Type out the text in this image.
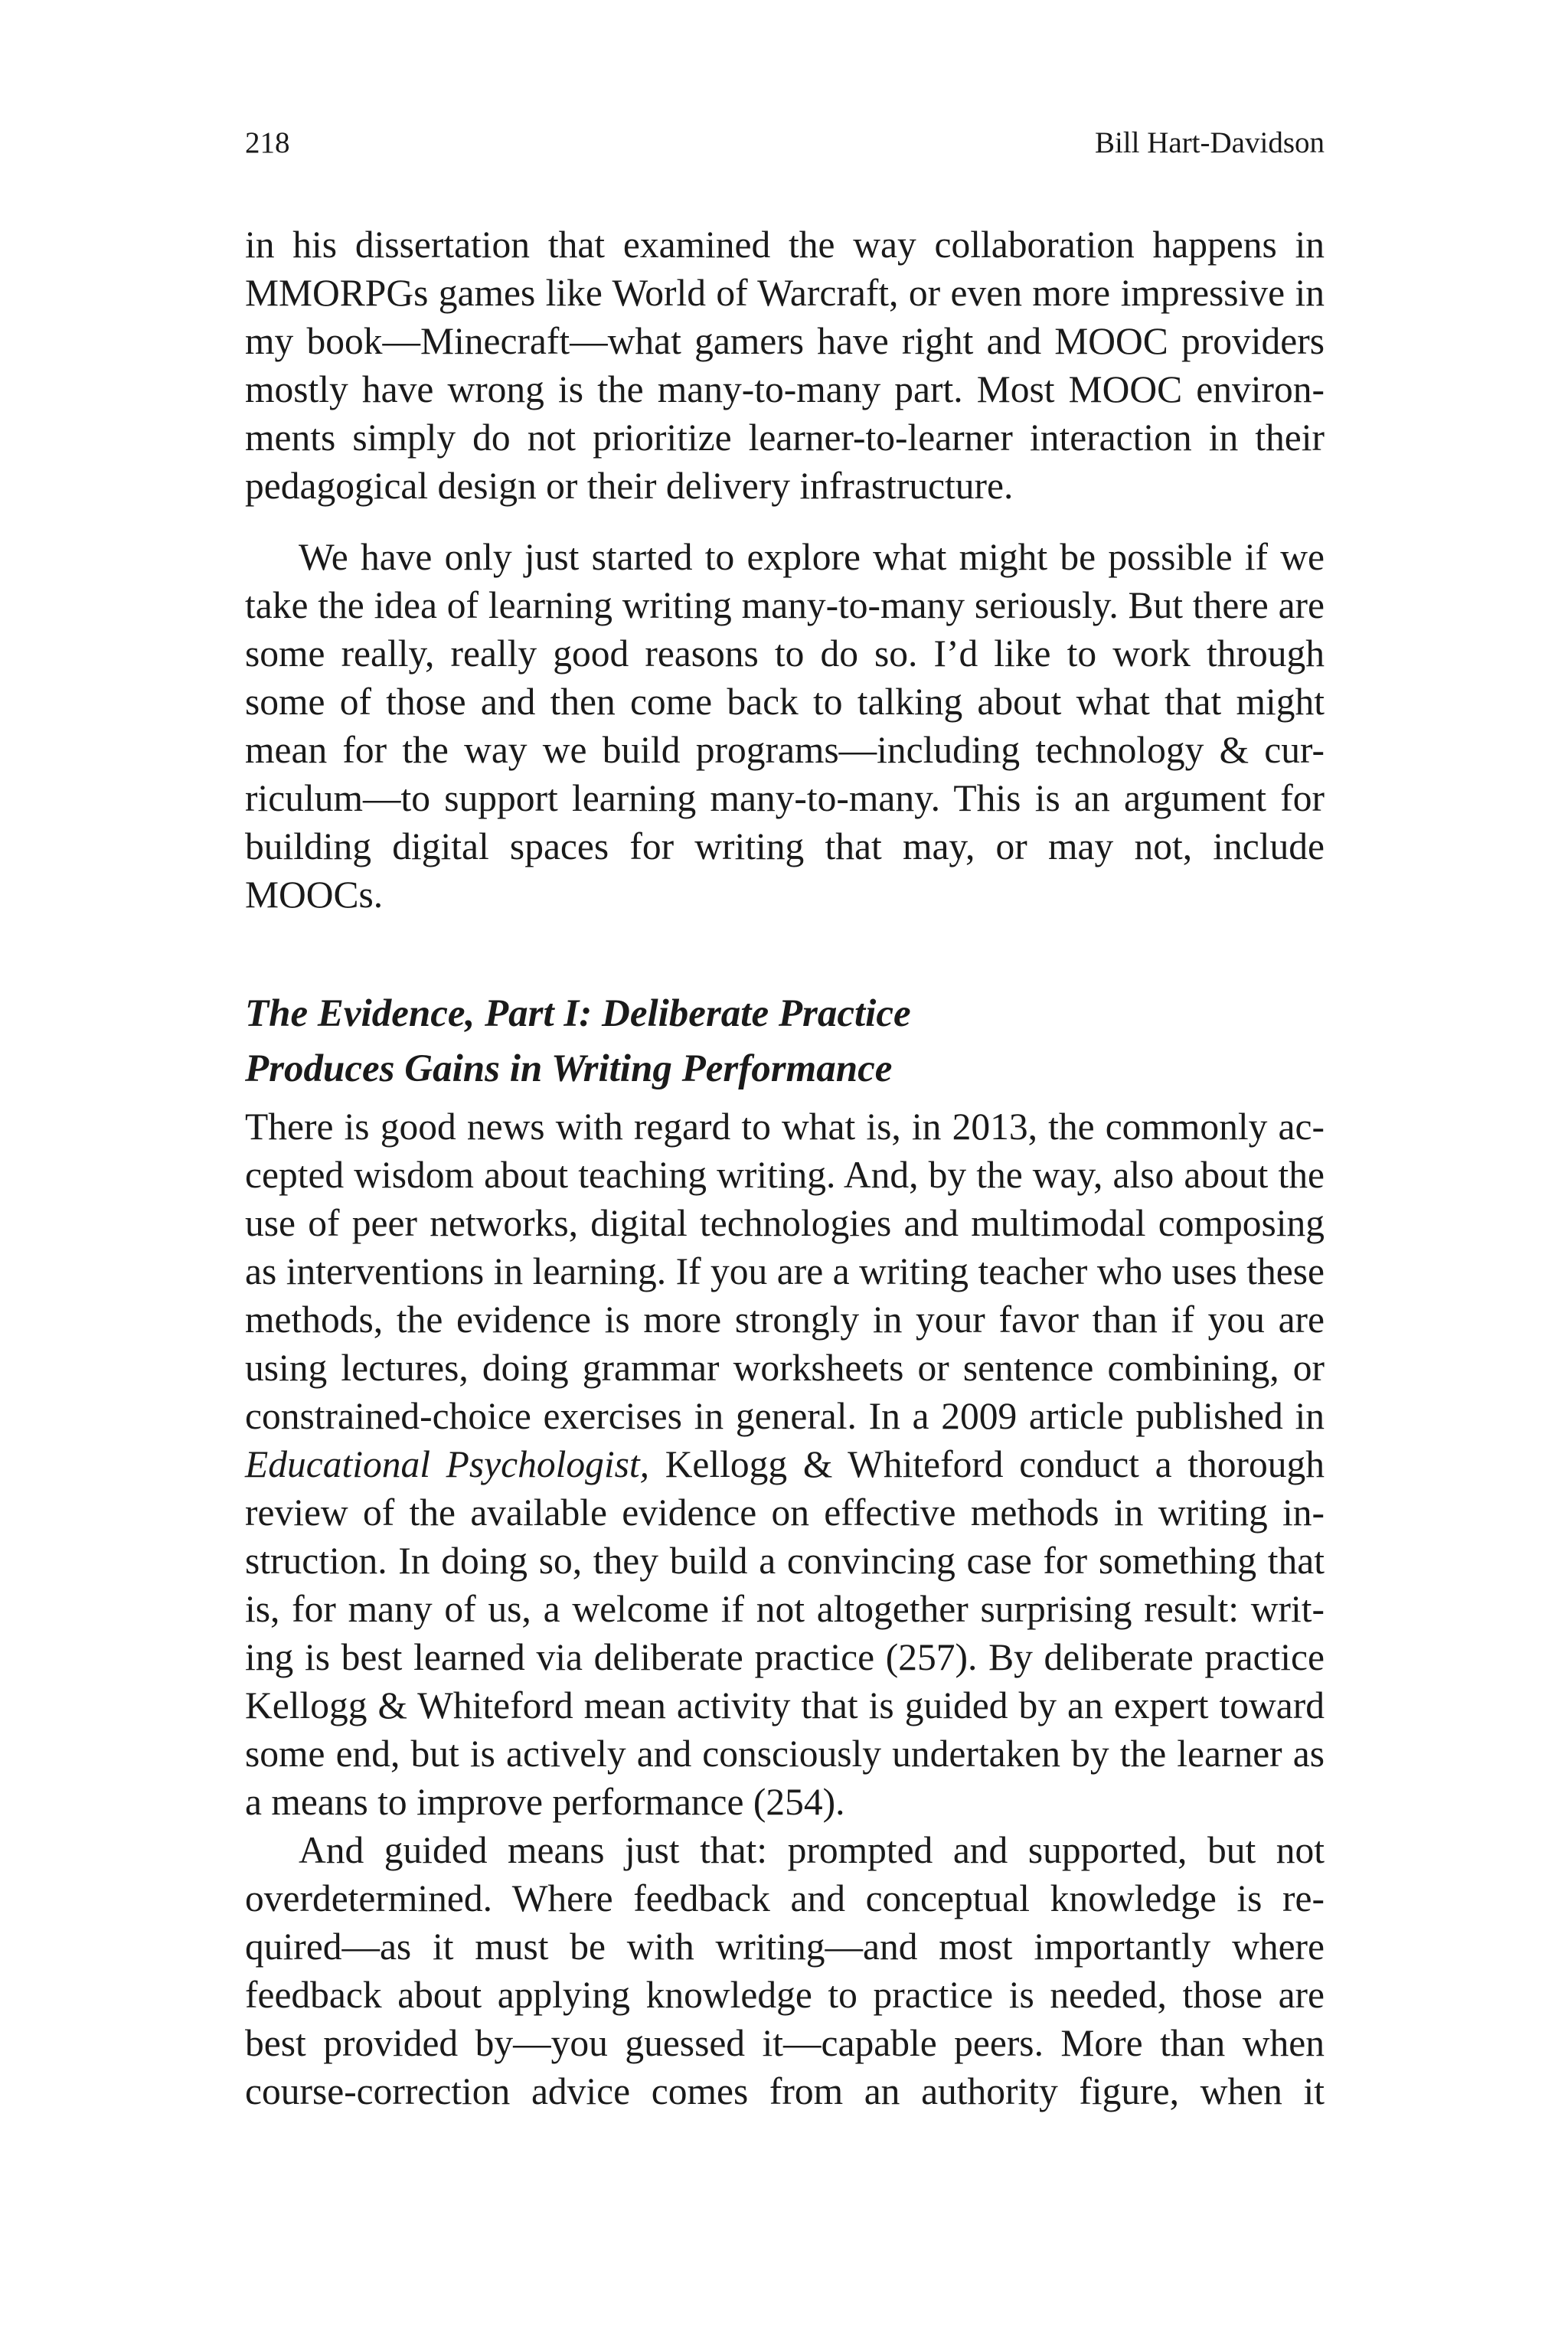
218	Bill Hart-Davidson

in his dissertation that examined the way collaboration happens in MMORPGs games like World of Warcraft, or even more impressive in my book—Minecraft—what gamers have right and MOOC providers mostly have wrong is the many-to-many part. Most MOOC environ-ments simply do not prioritize learner-to-learner interaction in their pedagogical design or their delivery infrastructure.

We have only just started to explore what might be possible if we take the idea of learning writing many-to-many seriously. But there are some really, really good reasons to do so. I’d like to work through some of those and then come back to talking about what that might mean for the way we build programs—including technology & cur-riculum—to support learning many-to-many. This is an argument for building digital spaces for writing that may, or may not, include MOOCs.

The Evidence, Part I: Deliberate Practice
Produces Gains in Writing Performance

There is good news with regard to what is, in 2013, the commonly ac-cepted wisdom about teaching writing. And, by the way, also about the use of peer networks, digital technologies and multimodal composing as interventions in learning. If you are a writing teacher who uses these methods, the evidence is more strongly in your favor than if you are using lectures, doing grammar worksheets or sentence combining, or constrained-choice exercises in general. In a 2009 article published in Educational Psychologist, Kellogg & Whiteford conduct a thorough review of the available evidence on effective methods in writing in-struction. In doing so, they build a convincing case for something that is, for many of us, a welcome if not altogether surprising result: writ-ing is best learned via deliberate practice (257). By deliberate practice Kellogg & Whiteford mean activity that is guided by an expert toward some end, but is actively and consciously undertaken by the learner as a means to improve performance (254).

And guided means just that: prompted and supported, but not overdetermined. Where feedback and conceptual knowledge is re-quired—as it must be with writing—and most importantly where feedback about applying knowledge to practice is needed, those are best provided by—you guessed it—capable peers. More than when course-correction advice comes from an authority figure, when it
